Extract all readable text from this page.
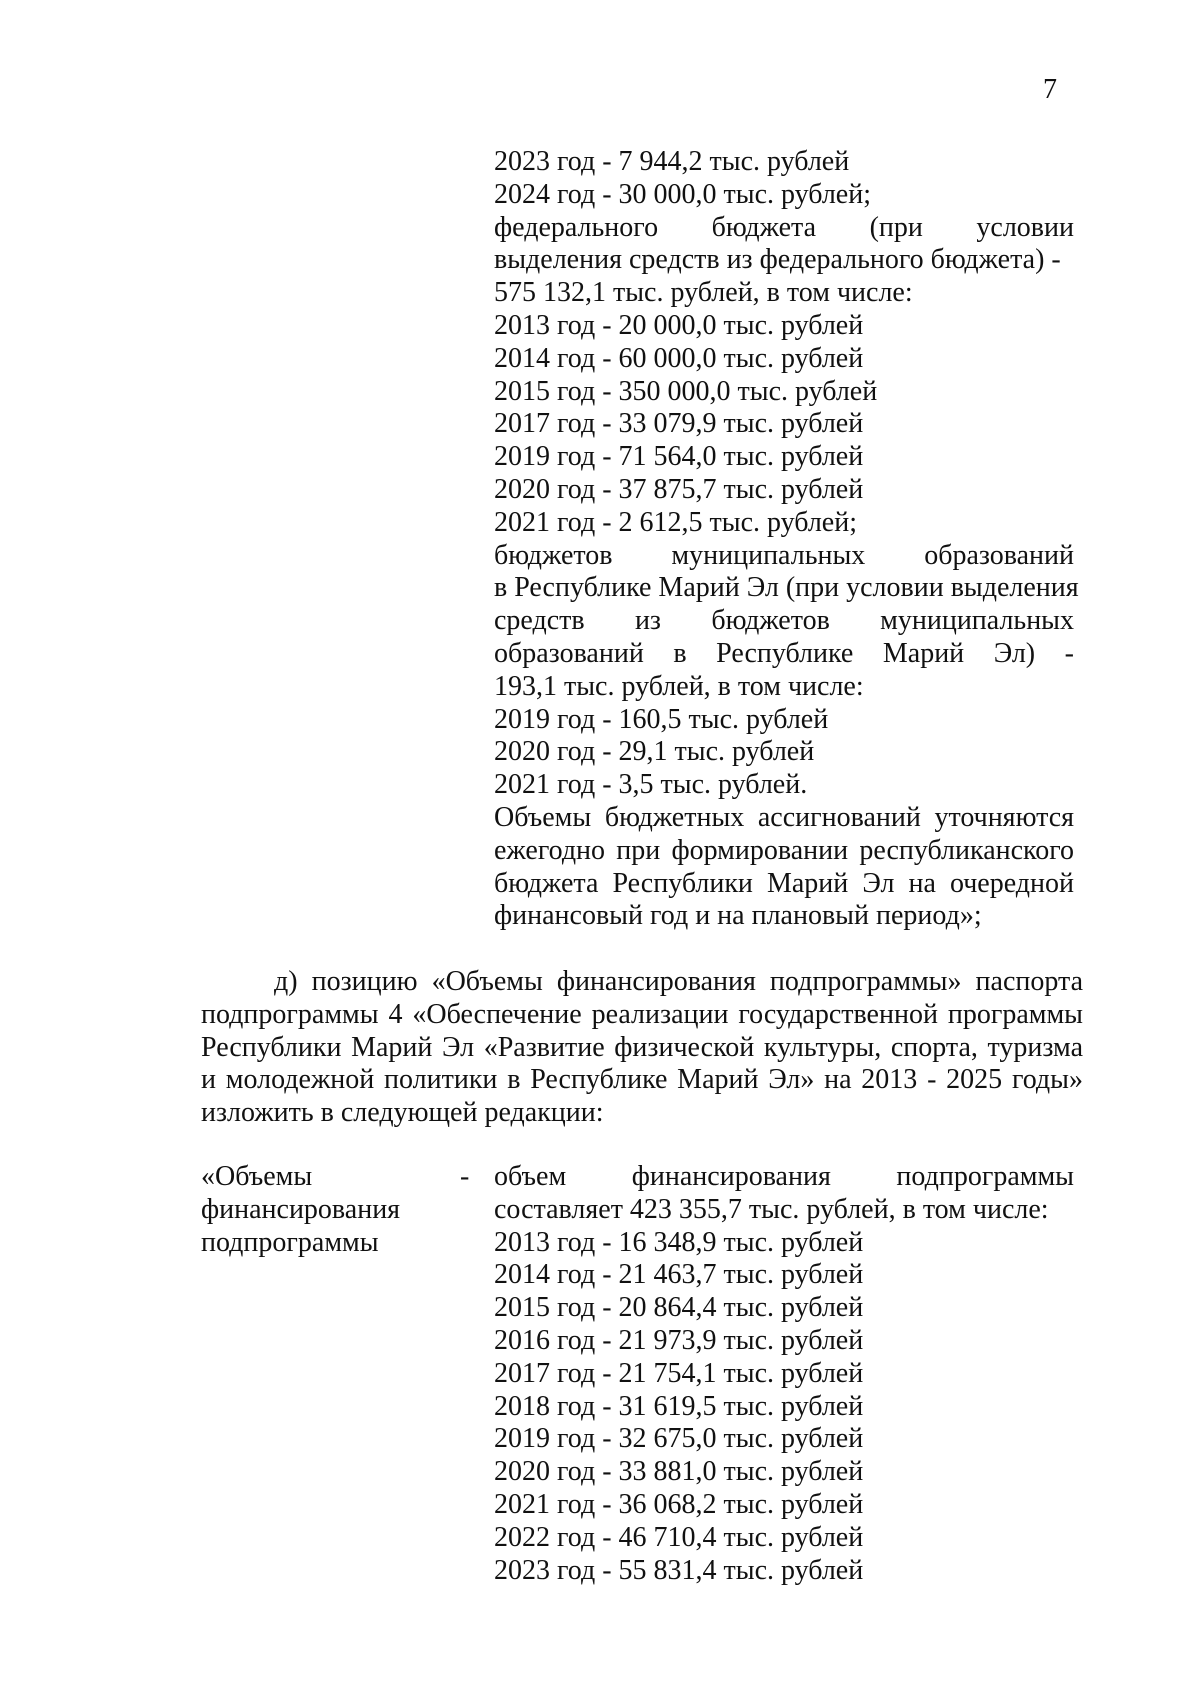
7
2023 год - 7 944,2 тыс. рублей
2024 год - 30 000,0 тыс. рублей;
федерального бюджета (при условии
выделения средств из федерального бюджета) -
575 132,1 тыс. рублей, в том числе:
2013 год - 20 000,0 тыс. рублей
2014 год - 60 000,0 тыс. рублей
2015 год - 350 000,0 тыс. рублей
2017 год - 33 079,9 тыс. рублей
2019 год - 71 564,0 тыс. рублей
2020 год - 37 875,7 тыс. рублей
2021 год - 2 612,5 тыс. рублей;
бюджетов муниципальных образований
в Республике Марий Эл (при условии выделения
средств из бюджетов муниципальных
образований в Республике Марий Эл) -
193,1 тыс. рублей, в том числе:
2019 год - 160,5 тыс. рублей
2020 год - 29,1 тыс. рублей
2021 год - 3,5 тыс. рублей.
Объемы бюджетных ассигнований уточняются
ежегодно при формировании республиканского
бюджета Республики Марий Эл на очередной
финансовый год и на плановый период»;
д) позицию «Объемы финансирования подпрограммы» паспорта
подпрограммы 4 «Обеспечение реализации государственной программы
Республики Марий Эл «Развитие физической культуры, спорта, туризма
и молодежной политики в Республике Марий Эл» на 2013 - 2025 годы»
изложить в следующей редакции:
«Объемы
финансирования
подпрограммы
- объем финансирования подпрограммы
составляет 423 355,7 тыс. рублей, в том числе:
2013 год - 16 348,9 тыс. рублей
2014 год - 21 463,7 тыс. рублей
2015 год - 20 864,4 тыс. рублей
2016 год - 21 973,9 тыс. рублей
2017 год - 21 754,1 тыс. рублей
2018 год - 31 619,5 тыс. рублей
2019 год - 32 675,0 тыс. рублей
2020 год - 33 881,0 тыс. рублей
2021 год - 36 068,2 тыс. рублей
2022 год - 46 710,4 тыс. рублей
2023 год - 55 831,4 тыс. рублей
